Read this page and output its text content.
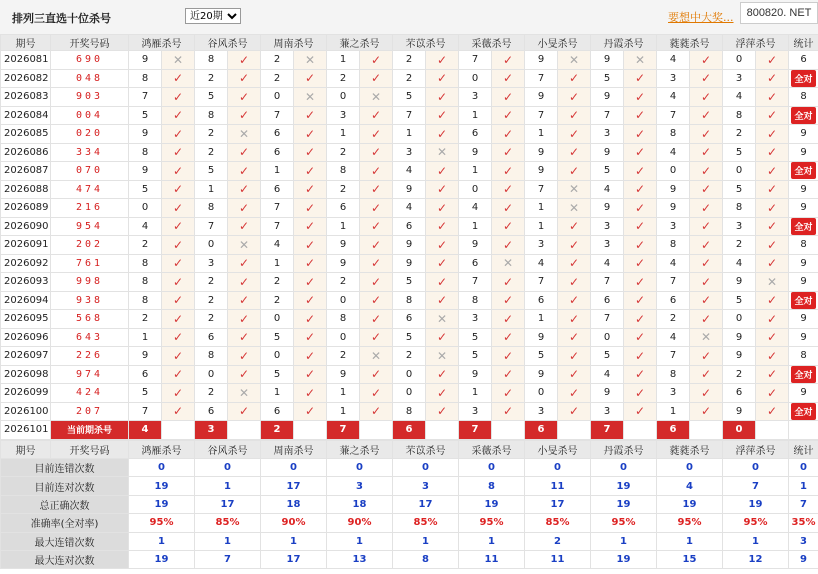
排列三直选十位杀号
近20期	要想中大奖...	800820. NET
期号	开奖号码	鸿雁杀号		谷风杀号		周南杀号		蒹之杀号		芣苡杀号		采薇杀号		小旻杀号		丹霞杀号		蕤蕤杀号		浮萍杀号		统计
2026081	690	9	✕	8	✓	2	✕	1	✓	2	✓	7	✓	9	✕	9	✕	4	✓	0	✓	6
2026082	048	8	✓	2	✓	2	✓	2	✓	2	✓	0	✓	7	✓	5	✓	3	✓	3	✓	全对
2026083	903	7	✓	5	✓	0	✕	0	✕	5	✓	3	✓	9	✓	9	✓	4	✓	4	✓	8
2026084	004	5	✓	8	✓	7	✓	3	✓	7	✓	1	✓	7	✓	7	✓	7	✓	8	✓	全对
2026085	020	9	✓	2	✕	6	✓	1	✓	1	✓	6	✓	1	✓	3	✓	8	✓	2	✓	9
2026086	334	8	✓	2	✓	6	✓	2	✓	3	✕	9	✓	9	✓	9	✓	4	✓	5	✓	9
2026087	070	9	✓	5	✓	1	✓	8	✓	4	✓	1	✓	9	✓	5	✓	0	✓	0	✓	全对
2026088	474	5	✓	1	✓	6	✓	2	✓	9	✓	0	✓	7	✕	4	✓	9	✓	5	✓	9
2026089	216	0	✓	8	✓	7	✓	6	✓	4	✓	4	✓	1	✕	9	✓	9	✓	8	✓	9
2026090	954	4	✓	7	✓	7	✓	1	✓	6	✓	1	✓	1	✓	3	✓	3	✓	3	✓	全对
2026091	202	2	✓	0	✕	4	✓	9	✓	9	✓	9	✓	3	✓	3	✓	8	✓	2	✓	8
2026092	761	8	✓	3	✓	1	✓	9	✓	9	✓	6	✕	4	✓	4	✓	4	✓	4	✓	9
2026093	998	8	✓	2	✓	2	✓	2	✓	5	✓	7	✓	7	✓	7	✓	7	✓	9	✕	9
2026094	938	8	✓	2	✓	2	✓	0	✓	8	✓	8	✓	6	✓	6	✓	6	✓	5	✓	全对
2026095	568	2	✓	2	✓	0	✓	8	✓	6	✕	3	✓	1	✓	7	✓	2	✓	0	✓	9
2026096	643	1	✓	6	✓	5	✓	0	✓	5	✓	5	✓	9	✓	0	✓	4	✕	9	✓	9
2026097	226	9	✓	8	✓	0	✓	2	✕	2	✕	5	✓	5	✓	5	✓	7	✓	9	✓	8
2026098	974	6	✓	0	✓	5	✓	9	✓	0	✓	9	✓	9	✓	4	✓	8	✓	2	✓	全对
2026099	424	5	✓	2	✕	1	✓	1	✓	0	✓	1	✓	0	✓	9	✓	3	✓	6	✓	9
2026100	207	7	✓	6	✓	6	✓	1	✓	8	✓	3	✓	3	✓	3	✓	1	✓	9	✓	全对
2026101	当前期杀号	4		3		2		7		6		7		6		7		6		0		
期号	开奖号码	鸿雁杀号	谷风杀号	周南杀号	蒹之杀号	芣苡杀号	采薇杀号	小旻杀号	丹霞杀号	蕤蕤杀号	浮萍杀号	统计
目前连错次数		0	0	0	0	0	0	0	0	0	0	0
目前连对次数		19	1	17	3	3	8	11	19	4	7	1
总正确次数		19	17	18	18	17	19	17	19	19	19	7
准确率(全对率)		95%	85%	90%	90%	85%	95%	85%	95%	95%	95%	35%
最大连错次数		1	1	1	1	1	1	2	1	1	1	3
最大连对次数		19	7	17	13	8	11	11	19	15	12	9
